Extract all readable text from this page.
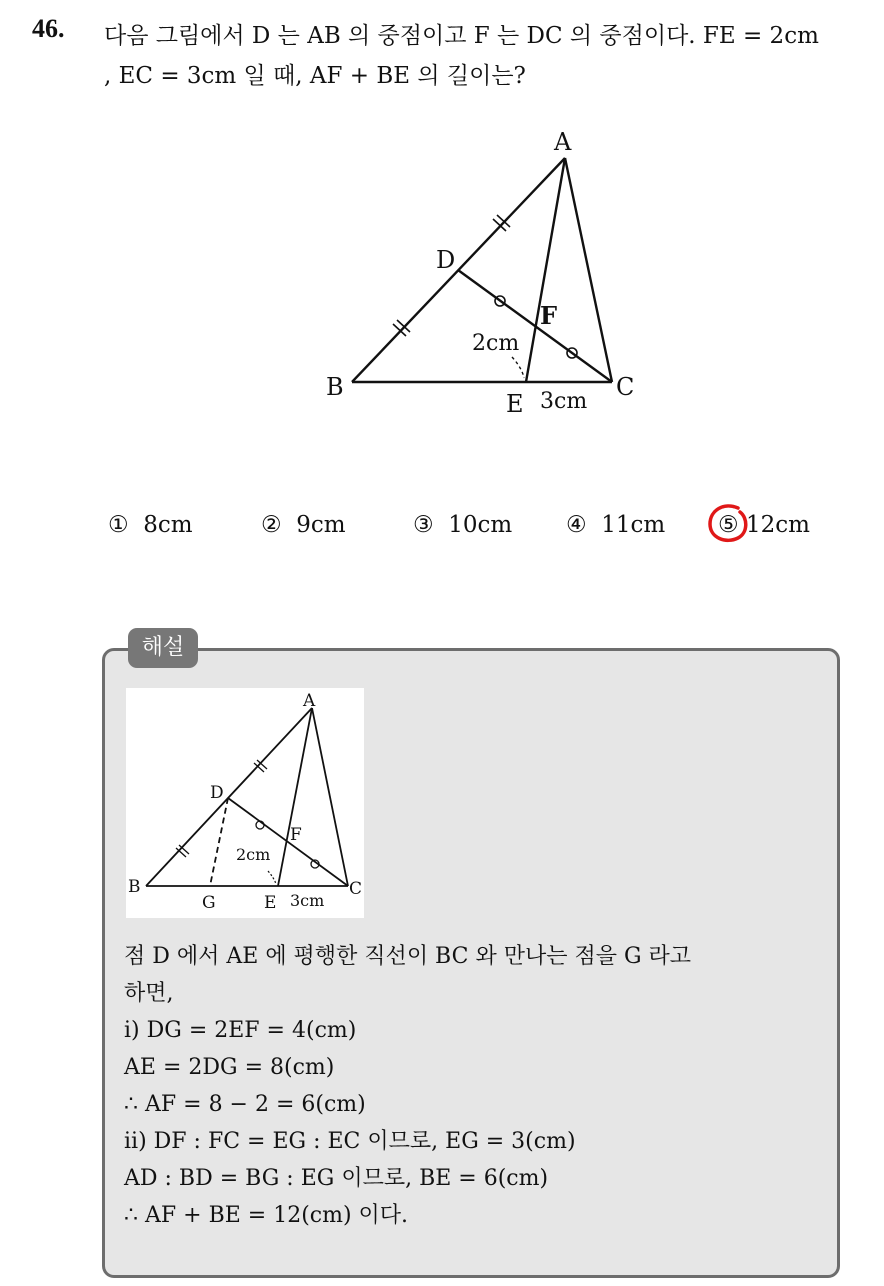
46. 다음 그림에서 D 는 AB 의 중점이고 F 는 DC 의 중점이다. FE = 2cm
, EC = 3cm 일 때, AF + BE 의 길이는?
A
B	C
D
E
F
2cm
3cm
① 8cm	② 9cm	③ 10cm ④ 11cm ⑤ 12cm
해설
A
B	C
D
E
F
G
2cm
3cm

점 D 에서 AE 에 평행한 직선이 BC 와 만나는 점을 G 라고

하면,

ⅰ) DG = 2EF = 4(cm)

AE = 2DG = 8(cm)

∴ AF = 8 − 2 = 6(cm)

ⅱ) DF : FC = EG : EC 이므로, EG = 3(cm)

AD : BD = BG : EG 이므로, BE = 6(cm)

∴ AF + BE = 12(cm) 이다.
